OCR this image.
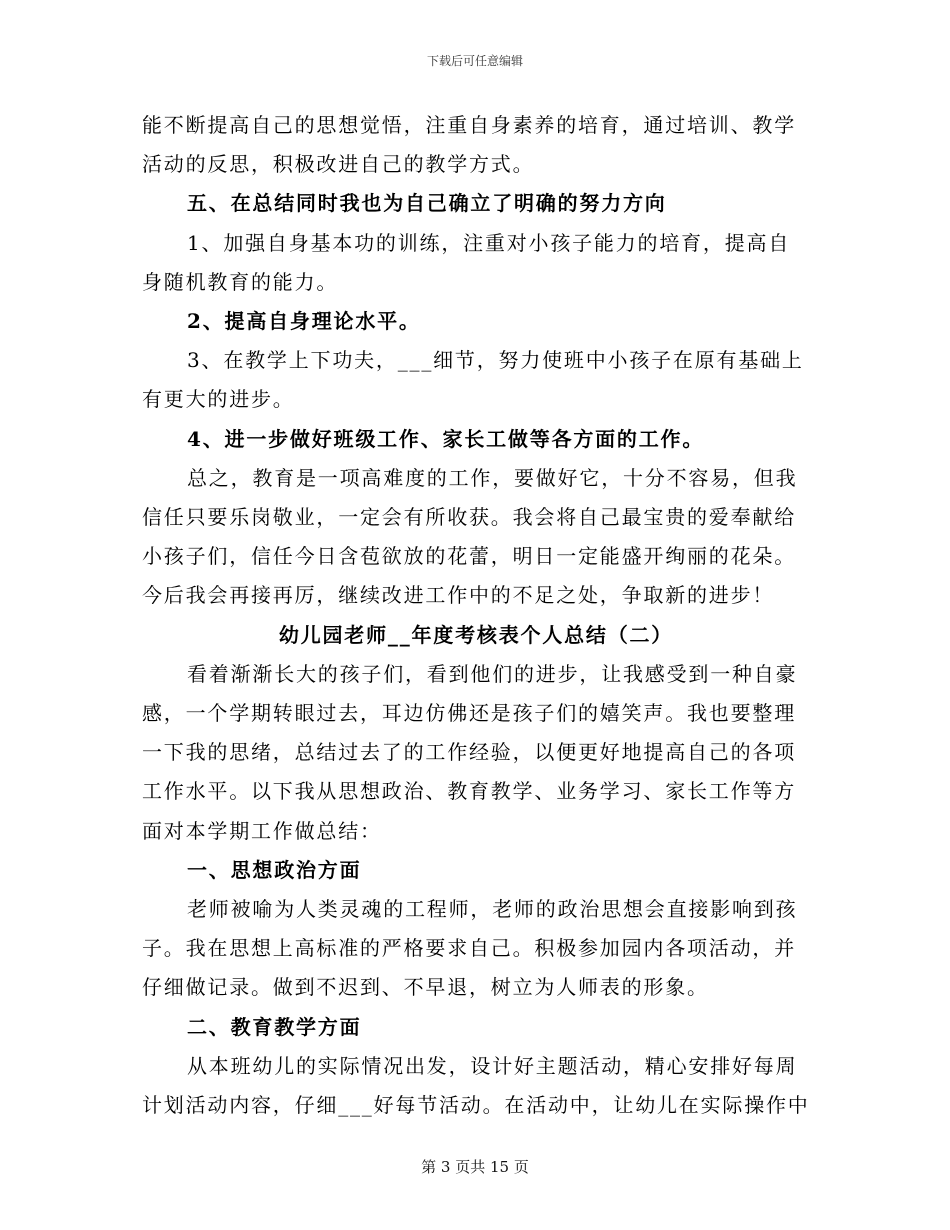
下载后可任意编辑

能不断提高自己的思想觉悟，注重自身素养的培育，通过培训、教学活动的反思，积极改进自己的教学方式。

五、在总结同时我也为自己确立了明确的努力方向

1、加强自身基本功的训练，注重对小孩子能力的培育，提高自身随机教育的能力。

2、提高自身理论水平。

3、在教学上下功夫，___细节，努力使班中小孩子在原有基础上有更大的进步。

4、进一步做好班级工作、家长工做等各方面的工作。

总之，教育是一项高难度的工作，要做好它，十分不容易，但我信任只要乐岗敬业，一定会有所收获。我会将自己最宝贵的爱奉献给小孩子们，信任今日含苞欲放的花蕾，明日一定能盛开绚丽的花朵。今后我会再接再厉，继续改进工作中的不足之处，争取新的进步！

幼儿园老师__年度考核表个人总结（二）

看着渐渐长大的孩子们，看到他们的进步，让我感受到一种自豪感，一个学期转眼过去，耳边仿佛还是孩子们的嬉笑声。我也要整理一下我的思绪，总结过去了的工作经验，以便更好地提高自己的各项工作水平。以下我从思想政治、教育教学、业务学习、家长工作等方面对本学期工作做总结：

一、思想政治方面

老师被喻为人类灵魂的工程师，老师的政治思想会直接影响到孩子。我在思想上高标准的严格要求自己。积极参加园内各项活动，并仔细做记录。做到不迟到、不早退，树立为人师表的形象。

二、教育教学方面

从本班幼儿的实际情况出发，设计好主题活动，精心安排好每周计划活动内容，仔细___好每节活动。在活动中，让幼儿在实际操作中

第 3 页共 15 页
